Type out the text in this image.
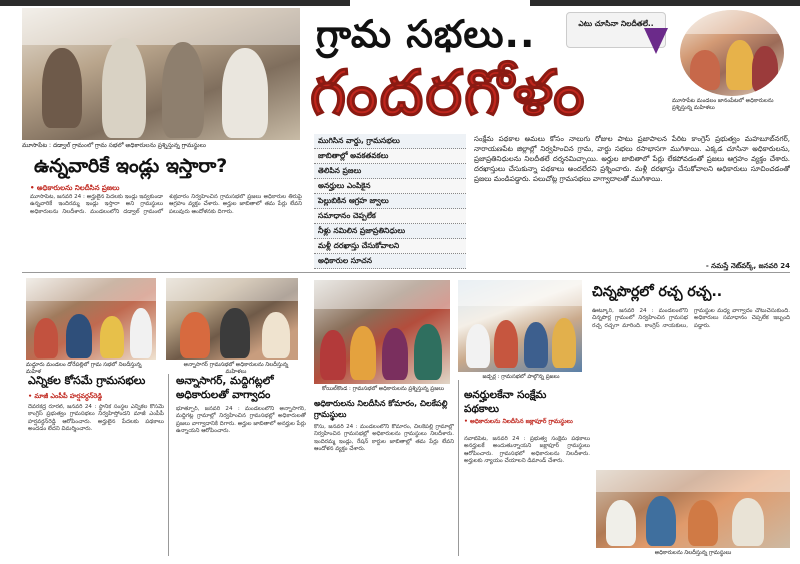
మూసాపేట : దడ్వాల్ గ్రామంలో గ్రామ సభలో అధికారులను ప్రశ్నిస్తున్న గ్రామస్థులు
ఉన్నవారికే ఇండ్లు ఇస్తారా?
• అధికారులను నిలదీసిన ప్రజలు
మూసాపేట, జనవరి 24 : అర్హులైన పేదలకు ఇండ్లు ఇవ్వకుండా ఉన్నవారికే ఇందిరమ్మ ఇండ్లు ఇస్తారా అని గ్రామస్థులు అధికారులను నిలదీశారు. మండలంలోని దడ్వాల్ గ్రామంలో శుక్రవారం నిర్వహించిన గ్రామసభలో ప్రజలు అధికారుల తీరుపై ఆగ్రహం వ్యక్తం చేశారు. అర్హుల జాబితాలో తమ పేర్లు లేవని పలువురు ఆందోళనకు దిగారు.
గ్రామ సభలు..
గందరగోళం
ఎటు చూసినా నిలదీతలే..
మూసాపేట మండలం జానంపేటలో అధికారులను ప్రశ్నిస్తున్న మహిళలు
ముగిసిన వార్డు, గ్రామసభలు
జాబితాల్లో అవకతవకలు
తెలిపిన ప్రజలు
అనర్హులు ఎంపికైన
పెల్లుబికిన ఆగ్రహ జ్వాలు
సమాధానం చెప్పలేక
నీళ్లు నమిలిన ప్రజాప్రతినిధులు
మళ్లీ దరఖాస్తు చేసుకోవాలని
అధికారుల సూచన
సంక్షేమ పథకాల అమలు కోసం నాలుగు రోజుల పాటు ప్రజాపాలన పేరిట కాంగ్రెస్ ప్రభుత్వం మహబూబ్‌నగర్, నారాయణపేట జిల్లాల్లో నిర్వహించిన గ్రామ, వార్డు సభలు రసాభాసగా ముగిశాయి. ఎక్కడ చూసినా అధికారులను, ప్రజాప్రతినిధులను నిలదీతలే దర్శనమిచ్చాయి. అర్హుల జాబితాలో పేర్లు లేకపోవడంతో ప్రజలు ఆగ్రహం వ్యక్తం చేశారు. దరఖాస్తులు చేసుకున్నా పథకాలు అందలేదని ప్రశ్నించారు. మళ్లీ దరఖాస్తు చేసుకోవాలని అధికారులు సూచించడంతో ప్రజలు మండిపడ్డారు. పలుచోట్ల గ్రామసభలు వాగ్వాదాలతో ముగిశాయి.
- నమస్తే నెట్‌వర్క్, జనవరి 24
మద్దూరు మండలం దోరేపల్లిలో గ్రామ సభలో నిలదీస్తున్న మహిళ
అన్నాసాగర్ గ్రామసభలో అధికారులను నిలదీస్తున్న మహిళలు
కోయిల్‌కొండ : గ్రామసభలో అధికారులను ప్రశ్నిస్తున్న ప్రజలు
జడ్చర్ల : గ్రామసభలో పాల్గొన్న ప్రజలు
ఎన్నికల కోసమే గ్రామసభలు
• మాజీ ఎంపీపీ హర్షవర్ధన్‌రెడ్డి
దేవరకద్ర రూరల్, జనవరి 24 : స్థానిక సంస్థల ఎన్నికల కోసమే కాంగ్రెస్ ప్రభుత్వం గ్రామసభలు నిర్వహిస్తోందని మాజీ ఎంపీపీ హర్షవర్ధన్‌రెడ్డి ఆరోపించారు. అర్హులైన పేదలకు పథకాలు అందడం లేదని విమర్శించారు.
అన్నాసాగర్, మద్దిగట్లలో అధికారులతో వాగ్వాదం
భూత్పూర్, జనవరి 24 : మండలంలోని అన్నాసాగర్, మద్దిగట్ల గ్రామాల్లో నిర్వహించిన గ్రామసభల్లో అధికారులతో ప్రజలు వాగ్వాదానికి దిగారు. అర్హుల జాబితాలో అనర్హుల పేర్లు ఉన్నాయని ఆరోపించారు.
అధికారులను నిలదీసిన కోమారం, చిలకేపల్లి గ్రామస్థులు
కోసు, జనవరి 24 : మండలంలోని కోమారం, చిలకేపల్లి గ్రామాల్లో నిర్వహించిన గ్రామసభల్లో అధికారులను గ్రామస్థులు నిలదీశారు. ఇందిరమ్మ ఇండ్లు, రేషన్ కార్డుల జాబితాల్లో తమ పేర్లు లేవని ఆందోళన వ్యక్తం చేశారు.
అనర్హులకేనా సంక్షేమ పథకాలు
• అధికారులను నిలదీసిన జక్లాపూర్ గ్రామస్థులు
నవాబ్‌పేట, జనవరి 24 : ప్రభుత్వ సంక్షేమ పథకాలు అనర్హులకే అందుతున్నాయని జక్లాపూర్ గ్రామస్థులు ఆరోపించారు. గ్రామసభలో అధికారులను నిలదీశారు. అర్హులకు న్యాయం చేయాలని డిమాండ్ చేశారు.
చిన్నపొర్లలో రచ్చ రచ్చ..
ఊట్కూర్, జనవరి 24 : మండలంలోని చిన్నపొర్ల గ్రామంలో నిర్వహించిన గ్రామసభ రచ్చ రచ్చగా మారింది. కాంగ్రెస్ నాయకులు, గ్రామస్థుల మధ్య వాగ్వాదం చోటుచేసుకుంది. అధికారులు సమాధానం చెప్పలేక ఇబ్బంది పడ్డారు.
అధికారులను నిలదీస్తున్న గ్రామస్థులు
